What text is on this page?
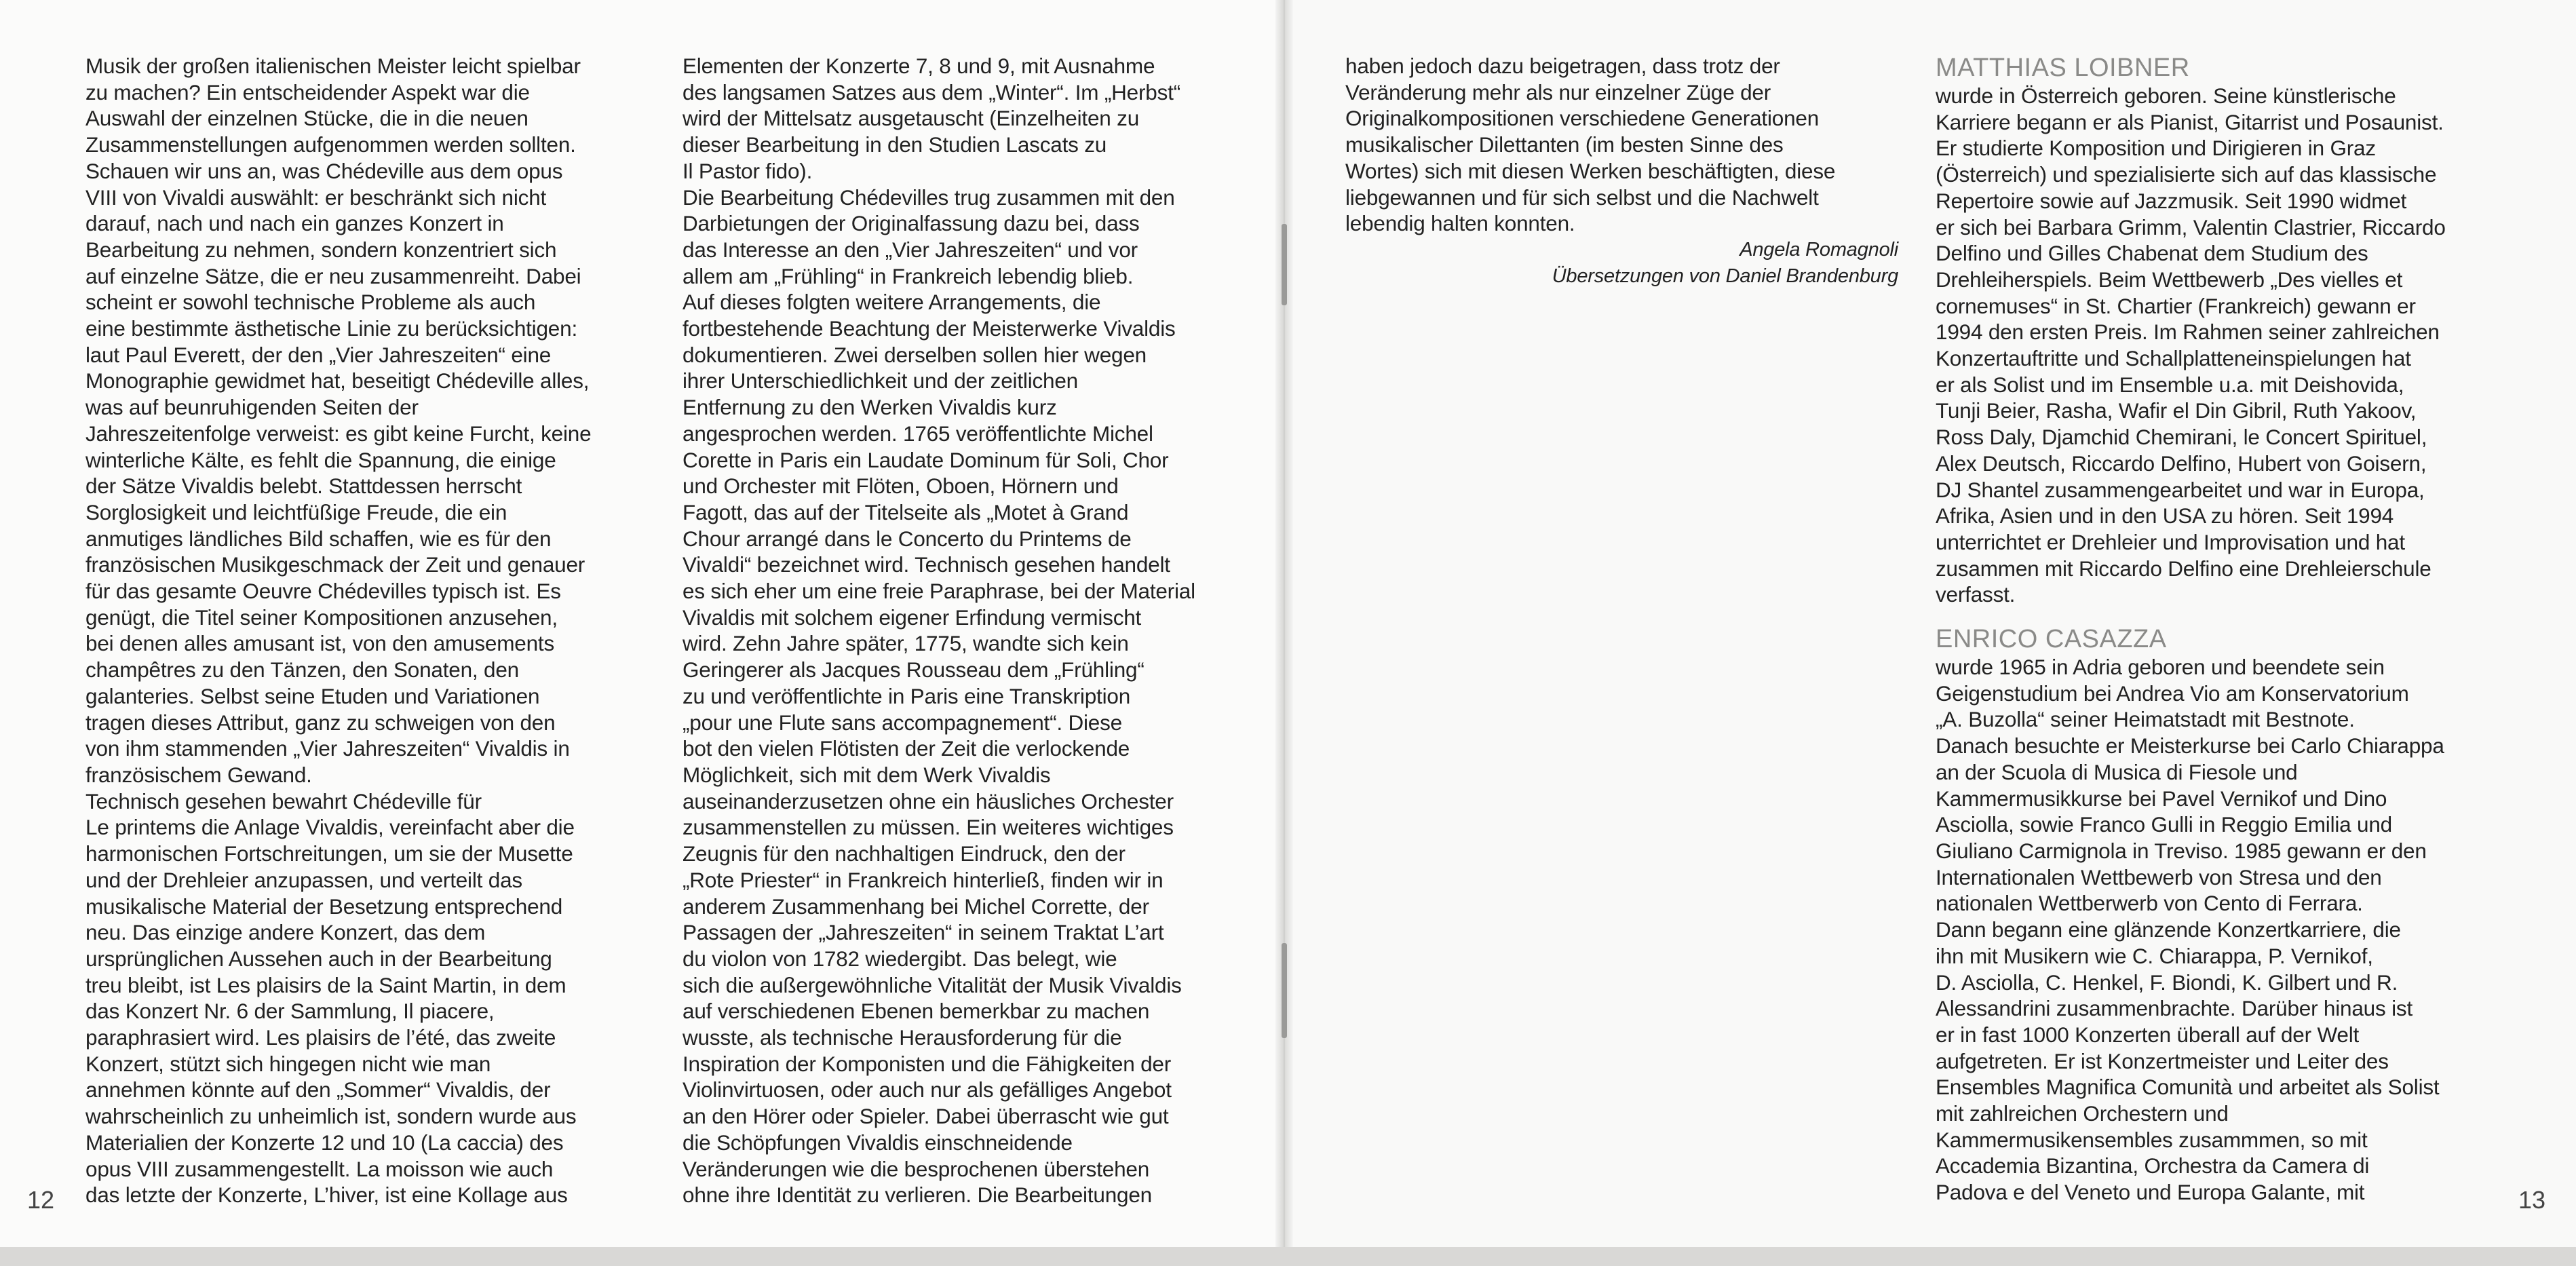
Musik der großen italienischen Meister leicht spielbar

zu machen? Ein entscheidender Aspekt war die

Auswahl der einzelnen Stücke, die in die neuen

Zusammenstellungen aufgenommen werden sollten.

Schauen wir uns an, was Chédeville aus dem opus

VIII von Vivaldi auswählt: er beschränkt sich nicht

darauf, nach und nach ein ganzes Konzert in

Bearbeitung zu nehmen, sondern konzentriert sich

auf einzelne Sätze, die er neu zusammenreiht. Dabei

scheint er sowohl technische Probleme als auch

eine bestimmte ästhetische Linie zu berücksichtigen:

laut Paul Everett, der den „Vier Jahreszeiten“ eine

Monographie gewidmet hat, beseitigt Chédeville alles,

was auf beunruhigenden Seiten der

Jahreszeitenfolge verweist: es gibt keine Furcht, keine

winterliche Kälte, es fehlt die Spannung, die einige

der Sätze Vivaldis belebt. Stattdessen herrscht

Sorglosigkeit und leichtfüßige Freude, die ein

anmutiges ländliches Bild schaffen, wie es für den

französischen Musikgeschmack der Zeit und genauer

für das gesamte Oeuvre Chédevilles typisch ist. Es

genügt, die Titel seiner Kompositionen anzusehen,

bei denen alles amusant ist, von den amusements

champêtres zu den Tänzen, den Sonaten, den

galanteries. Selbst seine Etuden und Variationen

tragen dieses Attribut, ganz zu schweigen von den

von ihm stammenden „Vier Jahreszeiten“ Vivaldis in

französischem Gewand.

Technisch gesehen bewahrt Chédeville für

Le printems die Anlage Vivaldis, vereinfacht aber die

harmonischen Fortschreitungen, um sie der Musette

und der Drehleier anzupassen, und verteilt das

musikalische Material der Besetzung entsprechend

neu. Das einzige andere Konzert, das dem

ursprünglichen Aussehen auch in der Bearbeitung

treu bleibt, ist Les plaisirs de la Saint Martin, in dem

das Konzert Nr. 6 der Sammlung, Il piacere,

paraphrasiert wird. Les plaisirs de l’été, das zweite

Konzert, stützt sich hingegen nicht wie man

annehmen könnte auf den „Sommer“ Vivaldis, der

wahrscheinlich zu unheimlich ist, sondern wurde aus

Materialien der Konzerte 12 und 10 (La caccia) des

opus VIII zusammengestellt. La moisson wie auch

das letzte der Konzerte, L’hiver, ist eine Kollage aus

Elementen der Konzerte 7, 8 und 9, mit Ausnahme

des langsamen Satzes aus dem „Winter“. Im „Herbst“

wird der Mittelsatz ausgetauscht (Einzelheiten zu

dieser Bearbeitung in den Studien Lascats zu

Il Pastor fido).

Die Bearbeitung Chédevilles trug zusammen mit den

Darbietungen der Originalfassung dazu bei, dass

das Interesse an den „Vier Jahreszeiten“ und vor

allem am „Frühling“ in Frankreich lebendig blieb.

Auf dieses folgten weitere Arrangements, die

fortbestehende Beachtung der Meisterwerke Vivaldis

dokumentieren. Zwei derselben sollen hier wegen

ihrer Unterschiedlichkeit und der zeitlichen

Entfernung zu den Werken Vivaldis kurz

angesprochen werden. 1765 veröffentlichte Michel

Corette in Paris ein Laudate Dominum für Soli, Chor

und Orchester mit Flöten, Oboen, Hörnern und

Fagott, das auf der Titelseite als „Motet à Grand

Chour arrangé dans le Concerto du Printems de

Vivaldi“ bezeichnet wird. Technisch gesehen handelt

es sich eher um eine freie Paraphrase, bei der Material

Vivaldis mit solchem eigener Erfindung vermischt

wird. Zehn Jahre später, 1775, wandte sich kein

Geringerer als Jacques Rousseau dem „Frühling“

zu und veröffentlichte in Paris eine Transkription

„pour une Flute sans accompagnement“. Diese

bot den vielen Flötisten der Zeit die verlockende

Möglichkeit, sich mit dem Werk Vivaldis

auseinanderzusetzen ohne ein häusliches Orchester

zusammenstellen zu müssen. Ein weiteres wichtiges

Zeugnis für den nachhaltigen Eindruck, den der

„Rote Priester“ in Frankreich hinterließ, finden wir in

anderem Zusammenhang bei Michel Corrette, der

Passagen der „Jahreszeiten“ in seinem Traktat L’art

du violon von 1782 wiedergibt. Das belegt, wie

sich die außergewöhnliche Vitalität der Musik Vivaldis

auf verschiedenen Ebenen bemerkbar zu machen

wusste, als technische Herausforderung für die

Inspiration der Komponisten und die Fähigkeiten der

Violinvirtuosen, oder auch nur als gefälliges Angebot

an den Hörer oder Spieler. Dabei überrascht wie gut

die Schöpfungen Vivaldis einschneidende

Veränderungen wie die besprochenen überstehen

ohne ihre Identität zu verlieren. Die Bearbeitungen

12

haben jedoch dazu beigetragen, dass trotz der

Veränderung mehr als nur einzelner Züge der

Originalkompositionen verschiedene Generationen

musikalischer Dilettanten (im besten Sinne des

Wortes) sich mit diesen Werken beschäftigten, diese

liebgewannen und für sich selbst und die Nachwelt

lebendig halten konnten.

Angela Romagnoli

Übersetzungen von Daniel Brandenburg

MATTHIAS LOIBNER

wurde in Österreich geboren. Seine künstlerische

Karriere begann er als Pianist, Gitarrist und Posaunist.

Er studierte Komposition und Dirigieren in Graz

(Österreich) und spezialisierte sich auf das klassische

Repertoire sowie auf Jazzmusik. Seit 1990 widmet

er sich bei Barbara Grimm, Valentin Clastrier, Riccardo

Delfino und Gilles Chabenat dem Studium des

Drehleiherspiels. Beim Wettbewerb „Des vielles et

cornemuses“ in St. Chartier (Frankreich) gewann er

1994 den ersten Preis. Im Rahmen seiner zahlreichen

Konzertauftritte und Schallplatteneinspielungen hat

er als Solist und im Ensemble u.a. mit Deishovida,

Tunji Beier, Rasha, Wafir el Din Gibril, Ruth Yakoov,

Ross Daly, Djamchid Chemirani, le Concert Spirituel,

Alex Deutsch, Riccardo Delfino, Hubert von Goisern,

DJ Shantel zusammengearbeitet und war in Europa,

Afrika, Asien und in den USA zu hören. Seit 1994

unterrichtet er Drehleier und Improvisation und hat

zusammen mit Riccardo Delfino eine Drehleierschule

verfasst.

ENRICO CASAZZA

wurde 1965 in Adria geboren und beendete sein

Geigenstudium bei Andrea Vio am Konservatorium

„A. Buzolla“ seiner Heimatstadt mit Bestnote.

Danach besuchte er Meisterkurse bei Carlo Chiarappa

an der Scuola di Musica di Fiesole und

Kammermusikkurse bei Pavel Vernikof und Dino

Asciolla, sowie Franco Gulli in Reggio Emilia und

Giuliano Carmignola in Treviso. 1985 gewann er den

Internationalen Wettbewerb von Stresa und den

nationalen Wettberwerb von Cento di Ferrara.

Dann begann eine glänzende Konzertkarriere, die

ihn mit Musikern wie C. Chiarappa, P. Vernikof,

D. Asciolla, C. Henkel, F. Biondi, K. Gilbert und R.

Alessandrini zusammenbrachte. Darüber hinaus ist

er in fast 1000 Konzerten überall auf der Welt

aufgetreten. Er ist Konzertmeister und Leiter des

Ensembles Magnifica Comunità und arbeitet als Solist

mit zahlreichen Orchestern und

Kammermusikensembles zusammmen, so mit

Accademia Bizantina, Orchestra da Camera di

Padova e del Veneto und Europa Galante, mit	13
